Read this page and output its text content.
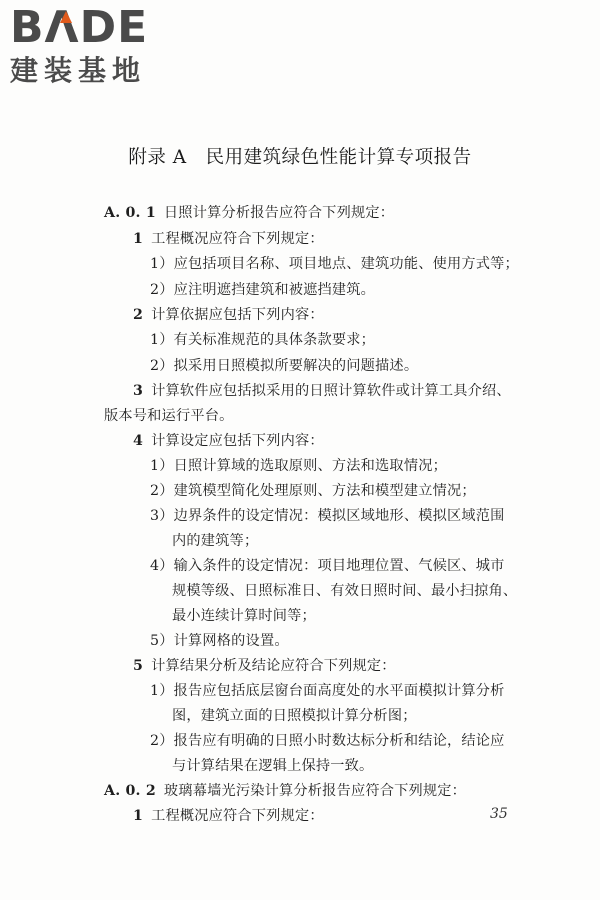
BΛ
DE
建装基地
附录 A　民用建筑绿色性能计算专项报告
A. 0. 1 日照计算分析报告应符合下列规定：
1 工程概况应符合下列规定：
1）应包括项目名称、项目地点、建筑功能、使用方式等；
2）应注明遮挡建筑和被遮挡建筑。
2 计算依据应包括下列内容：
1）有关标准规范的具体条款要求；
2）拟采用日照模拟所要解决的问题描述。
3 计算软件应包括拟采用的日照计算软件或计算工具介绍、
版本号和运行平台。
4 计算设定应包括下列内容：
1）日照计算域的选取原则、方法和选取情况；
2）建筑模型简化处理原则、方法和模型建立情况；
3）边界条件的设定情况：模拟区域地形、模拟区域范围
内的建筑等；
4）输入条件的设定情况：项目地理位置、气候区、城市
规模等级、日照标准日、有效日照时间、最小扫掠角、
最小连续计算时间等；
5）计算网格的设置。
5 计算结果分析及结论应符合下列规定：
1）报告应包括底层窗台面高度处的水平面模拟计算分析
图，建筑立面的日照模拟计算分析图；
2）报告应有明确的日照小时数达标分析和结论，结论应
与计算结果在逻辑上保持一致。
A. 0. 2 玻璃幕墙光污染计算分析报告应符合下列规定：
1 工程概况应符合下列规定：	35
